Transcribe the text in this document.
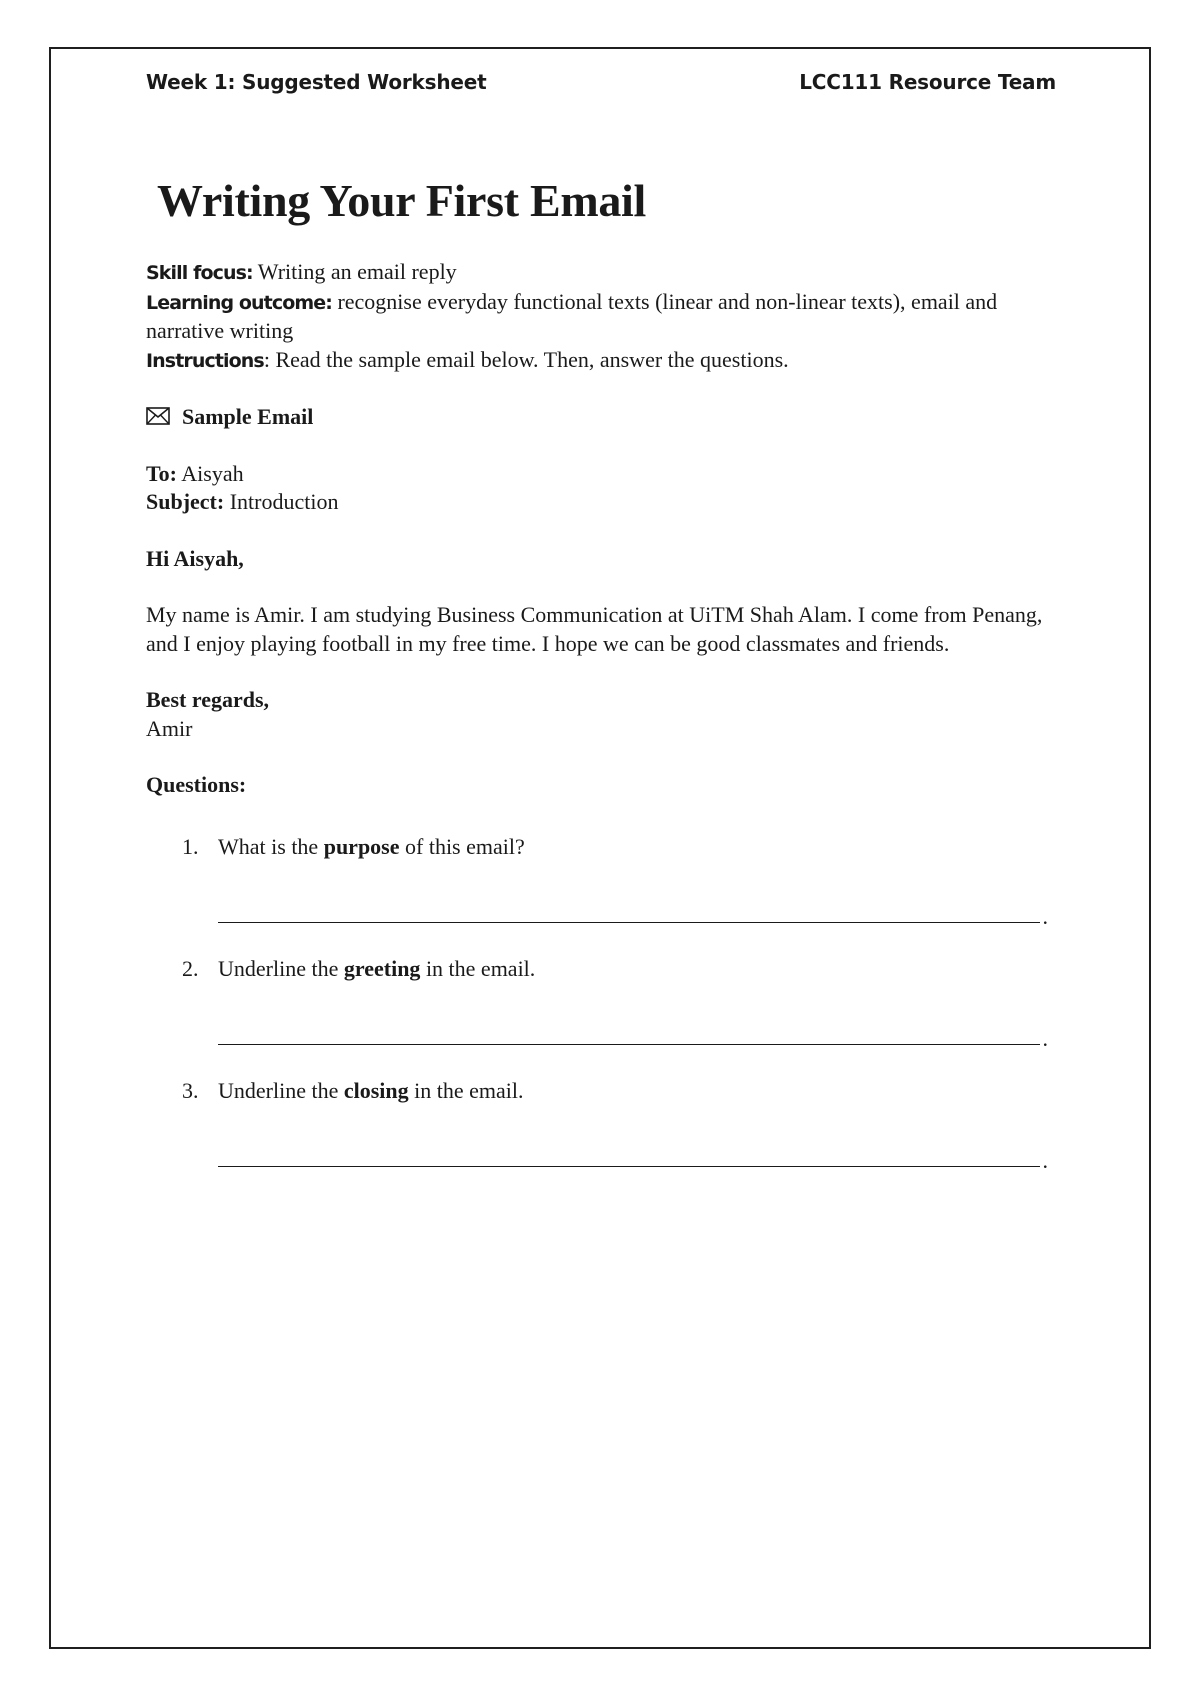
Week 1: Suggested Worksheet	LCC111 Resource Team
Writing Your First Email
Skill focus: Writing an email reply
Learning outcome: recognise everyday functional texts (linear and non-linear texts), email and narrative writing
Instructions: Read the sample email below. Then, answer the questions.
Sample Email
To: Aisyah
Subject: Introduction
Hi Aisyah,
My name is Amir. I am studying Business Communication at UiTM Shah Alam. I come from Penang, and I enjoy playing football in my free time. I hope we can be good classmates and friends.
Best regards,
Amir
Questions:
1. What is the purpose of this email?
.
2. Underline the greeting in the email.
.
3. Underline the closing in the email.
.
